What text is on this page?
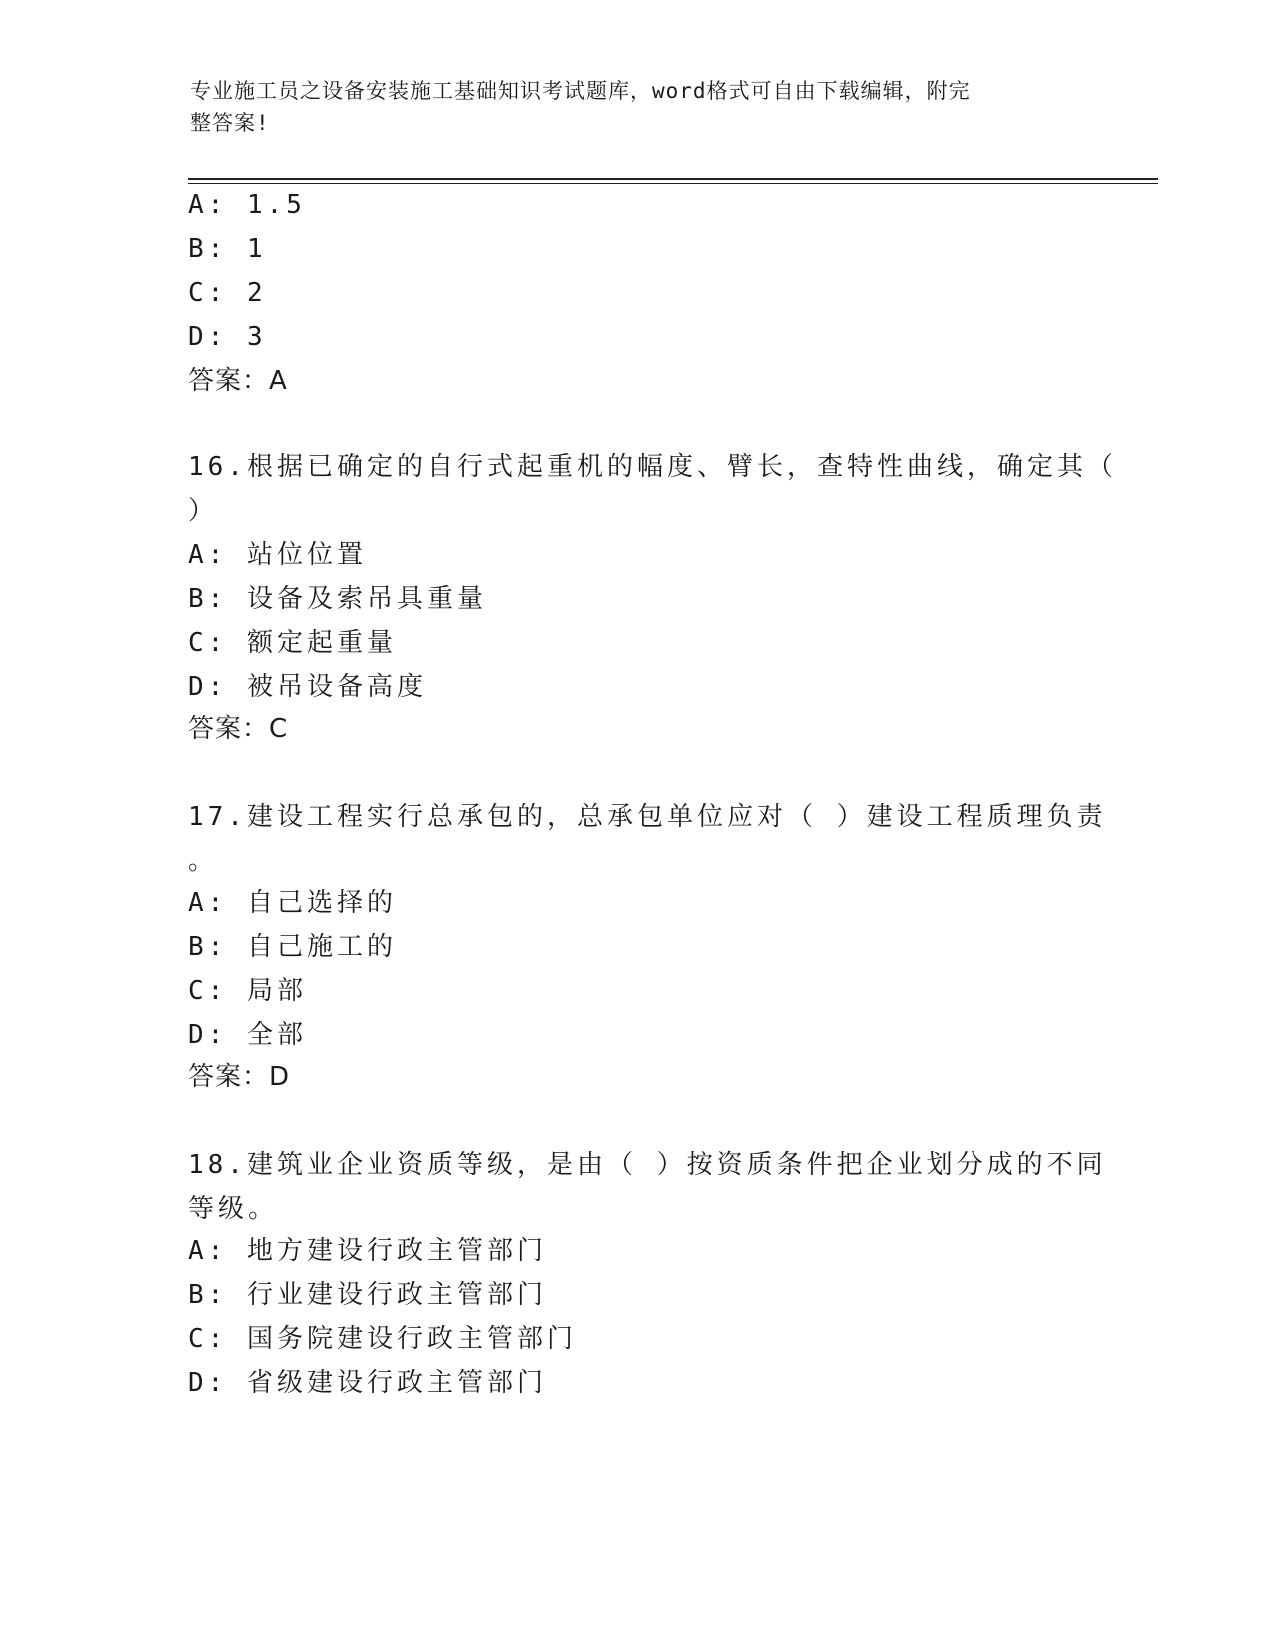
专业施工员之设备安装施工基础知识考试题库，word格式可自由下载编辑，附完
整答案!
A: 1.5
B: 1
C: 2
D: 3
答案：A
16.根据已确定的自行式起重机的幅度、臂长，查特性曲线，确定其（
）
A: 站位位置
B: 设备及索吊具重量
C: 额定起重量
D: 被吊设备高度
答案：C
17.建设工程实行总承包的，总承包单位应对（ ）建设工程质理负责
。
A: 自己选择的
B: 自己施工的
C: 局部
D: 全部
答案：D
18.建筑业企业资质等级，是由（ ）按资质条件把企业划分成的不同
等级。
A: 地方建设行政主管部门
B: 行业建设行政主管部门
C: 国务院建设行政主管部门
D: 省级建设行政主管部门
